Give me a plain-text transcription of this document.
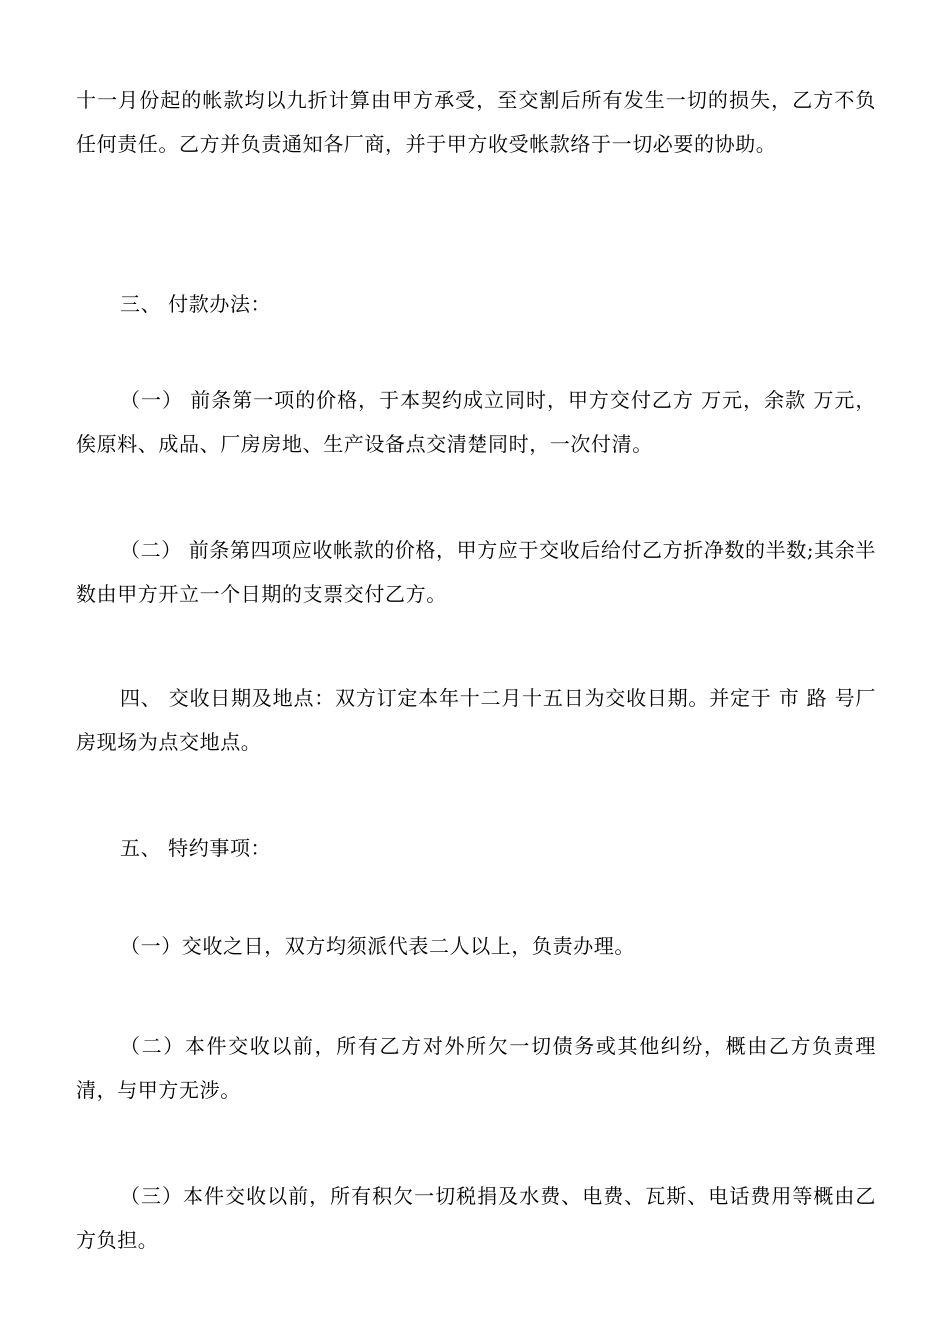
十一月份起的帐款均以九折计算由甲方承受，至交割后所有发生一切的损失，乙方不负任何责任。乙方并负责通知各厂商，并于甲方收受帐款络于一切必要的协助。

三、 付款办法：

（一） 前条第一项的价格，于本契约成立同时，甲方交付乙方 万元，余款 万元，俟原料、成品、厂房房地、生产设备点交清楚同时，一次付清。

（二） 前条第四项应收帐款的价格，甲方应于交收后给付乙方折净数的半数;其余半数由甲方开立一个日期的支票交付乙方。

四、 交收日期及地点：双方订定本年十二月十五日为交收日期。并定于 市 路 号厂房现场为点交地点。

五、 特约事项：

（一）交收之日，双方均须派代表二人以上，负责办理。

（二）本件交收以前，所有乙方对外所欠一切债务或其他纠纷，概由乙方负责理清，与甲方无涉。

（三）本件交收以前，所有积欠一切税捐及水费、电费、瓦斯、电话费用等概由乙方负担。
